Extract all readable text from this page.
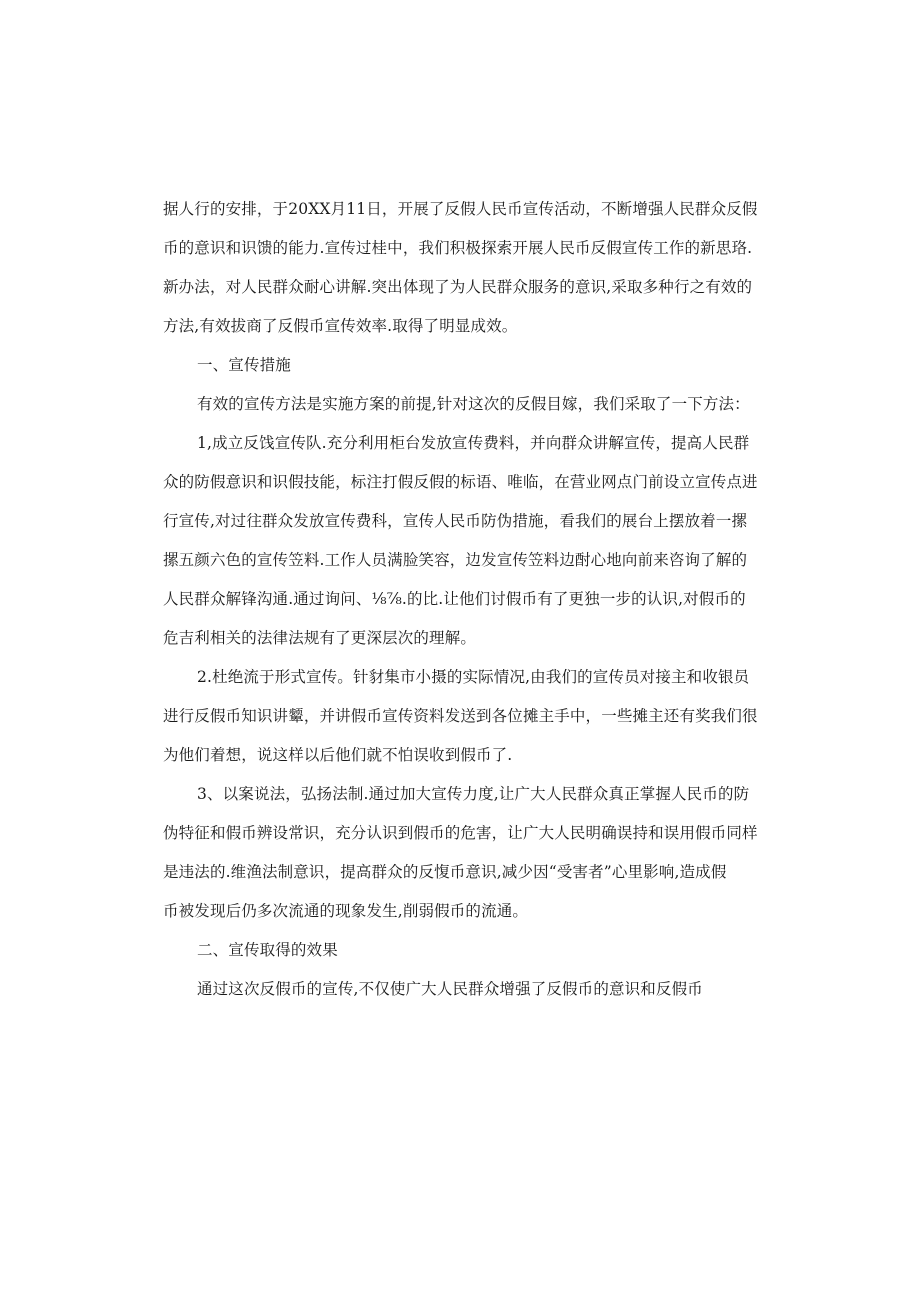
据人行的安排，于20XX月11日，开展了反假人民币宣传活动，不断增强人民群众反假
币的意识和识馈的能力.宣传过桂中，我们积极探索开展人民币反假宣传工作的新思珞.
新办法，对人民群众耐心讲解.突出体现了为人民群众服务的意识,采取多种行之有效的
方法,有效拔商了反假币宣传效率.取得了明显成效。
一、宣传措施
有效的宣传方法是实施方案的前提,针对这次的反假目嫁，我们采取了一下方法：
1,成立反饯宣传队.充分利用柜台发放宣传费料，并向群众讲解宣传，提高人民群
众的防假意识和识假技能，标注打假反假的标语、唯临，在营业网点门前设立宣传点进
行宣传,对过往群众发放宣传费科，宣传人民币防伪措施，看我们的展台上摆放着一摞
摞五颜六色的宣传笠料.工作人员满脸笑容，边发宣传笠料边酎心地向前来咨询了解的
人民群众解锋沟通.通过询问、⅛⅞.的比.让他们讨假币有了更独一步的认识,对假币的
危吉利相关的法律法规有了更深层次的理解。
2.杜绝流于形式宣传。针豺集市小摄的实际情况,由我们的宣传员对接主和收银员
进行反假币知识讲颦，并讲假币宣传资料发送到各位摊主手中，一些摊主还有奖我们很
为他们着想，说这样以后他们就不怕误收到假币了.
3、以案说法，弘扬法制.通过加大宣传力度,让广大人民群众真正掌握人民币的防
伪特征和假币辨设常识，充分认识到假币的危害，让广大人民明确误持和误用假币同样
是违法的.维渔法制意识，提高群众的反愎币意识,减少因“受害者”心里影响,造成假
币被发现后仍多次流通的现象发生,削弱假币的流通。
二、宣传取得的效果
通过这次反假币的宣传,不仅使广大人民群众增强了反假币的意识和反假币
